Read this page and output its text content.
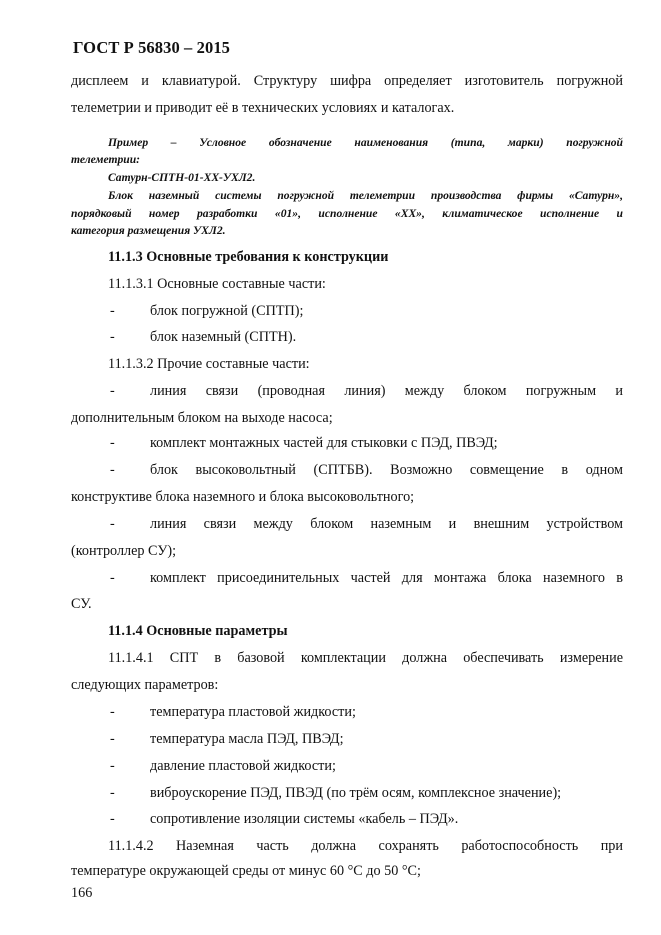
ГОСТ Р 56830 – 2015
дисплеем и клавиатурой. Структуру шифра определяет изготовитель погружной
телеметрии и приводит её в технических условиях и каталогах.
Пример – Условное обозначение наименования (типа, марки) погружной
телеметрии:
Сатурн-СПТН-01-ХХ-УХЛ2.
Блок наземный системы погружной телеметрии производства фирмы «Сатурн»,
порядковый номер разработки «01», исполнение «ХХ», климатическое исполнение и
категория размещения УХЛ2.
11.1.3 Основные требования к конструкции
11.1.3.1 Основные составные части:
- блок погружной (СПТП);
- блок наземный (СПТН).
11.1.3.2 Прочие составные части:
- линия связи (проводная линия) между блоком погружным и
дополнительным блоком на выходе насоса;
- комплект монтажных частей для стыковки с ПЭД, ПВЭД;
- блок высоковольтный (СПТБВ). Возможно совмещение в одном
конструктиве блока наземного и блока высоковольтного;
- линия связи между блоком наземным и внешним устройством
(контроллер СУ);
- комплект присоединительных частей для монтажа блока наземного в
СУ.
11.1.4 Основные параметры
11.1.4.1 СПТ в базовой комплектации должна обеспечивать измерение
следующих параметров:
- температура пластовой жидкости;
- температура масла ПЭД, ПВЭД;
- давление пластовой жидкости;
- виброускорение ПЭД, ПВЭД (по трём осям, комплексное значение);
- сопротивление изоляции системы «кабель – ПЭД».
11.1.4.2 Наземная часть должна сохранять работоспособность при
температуре окружающей среды от минус 60 °С до 50 °С;
166
